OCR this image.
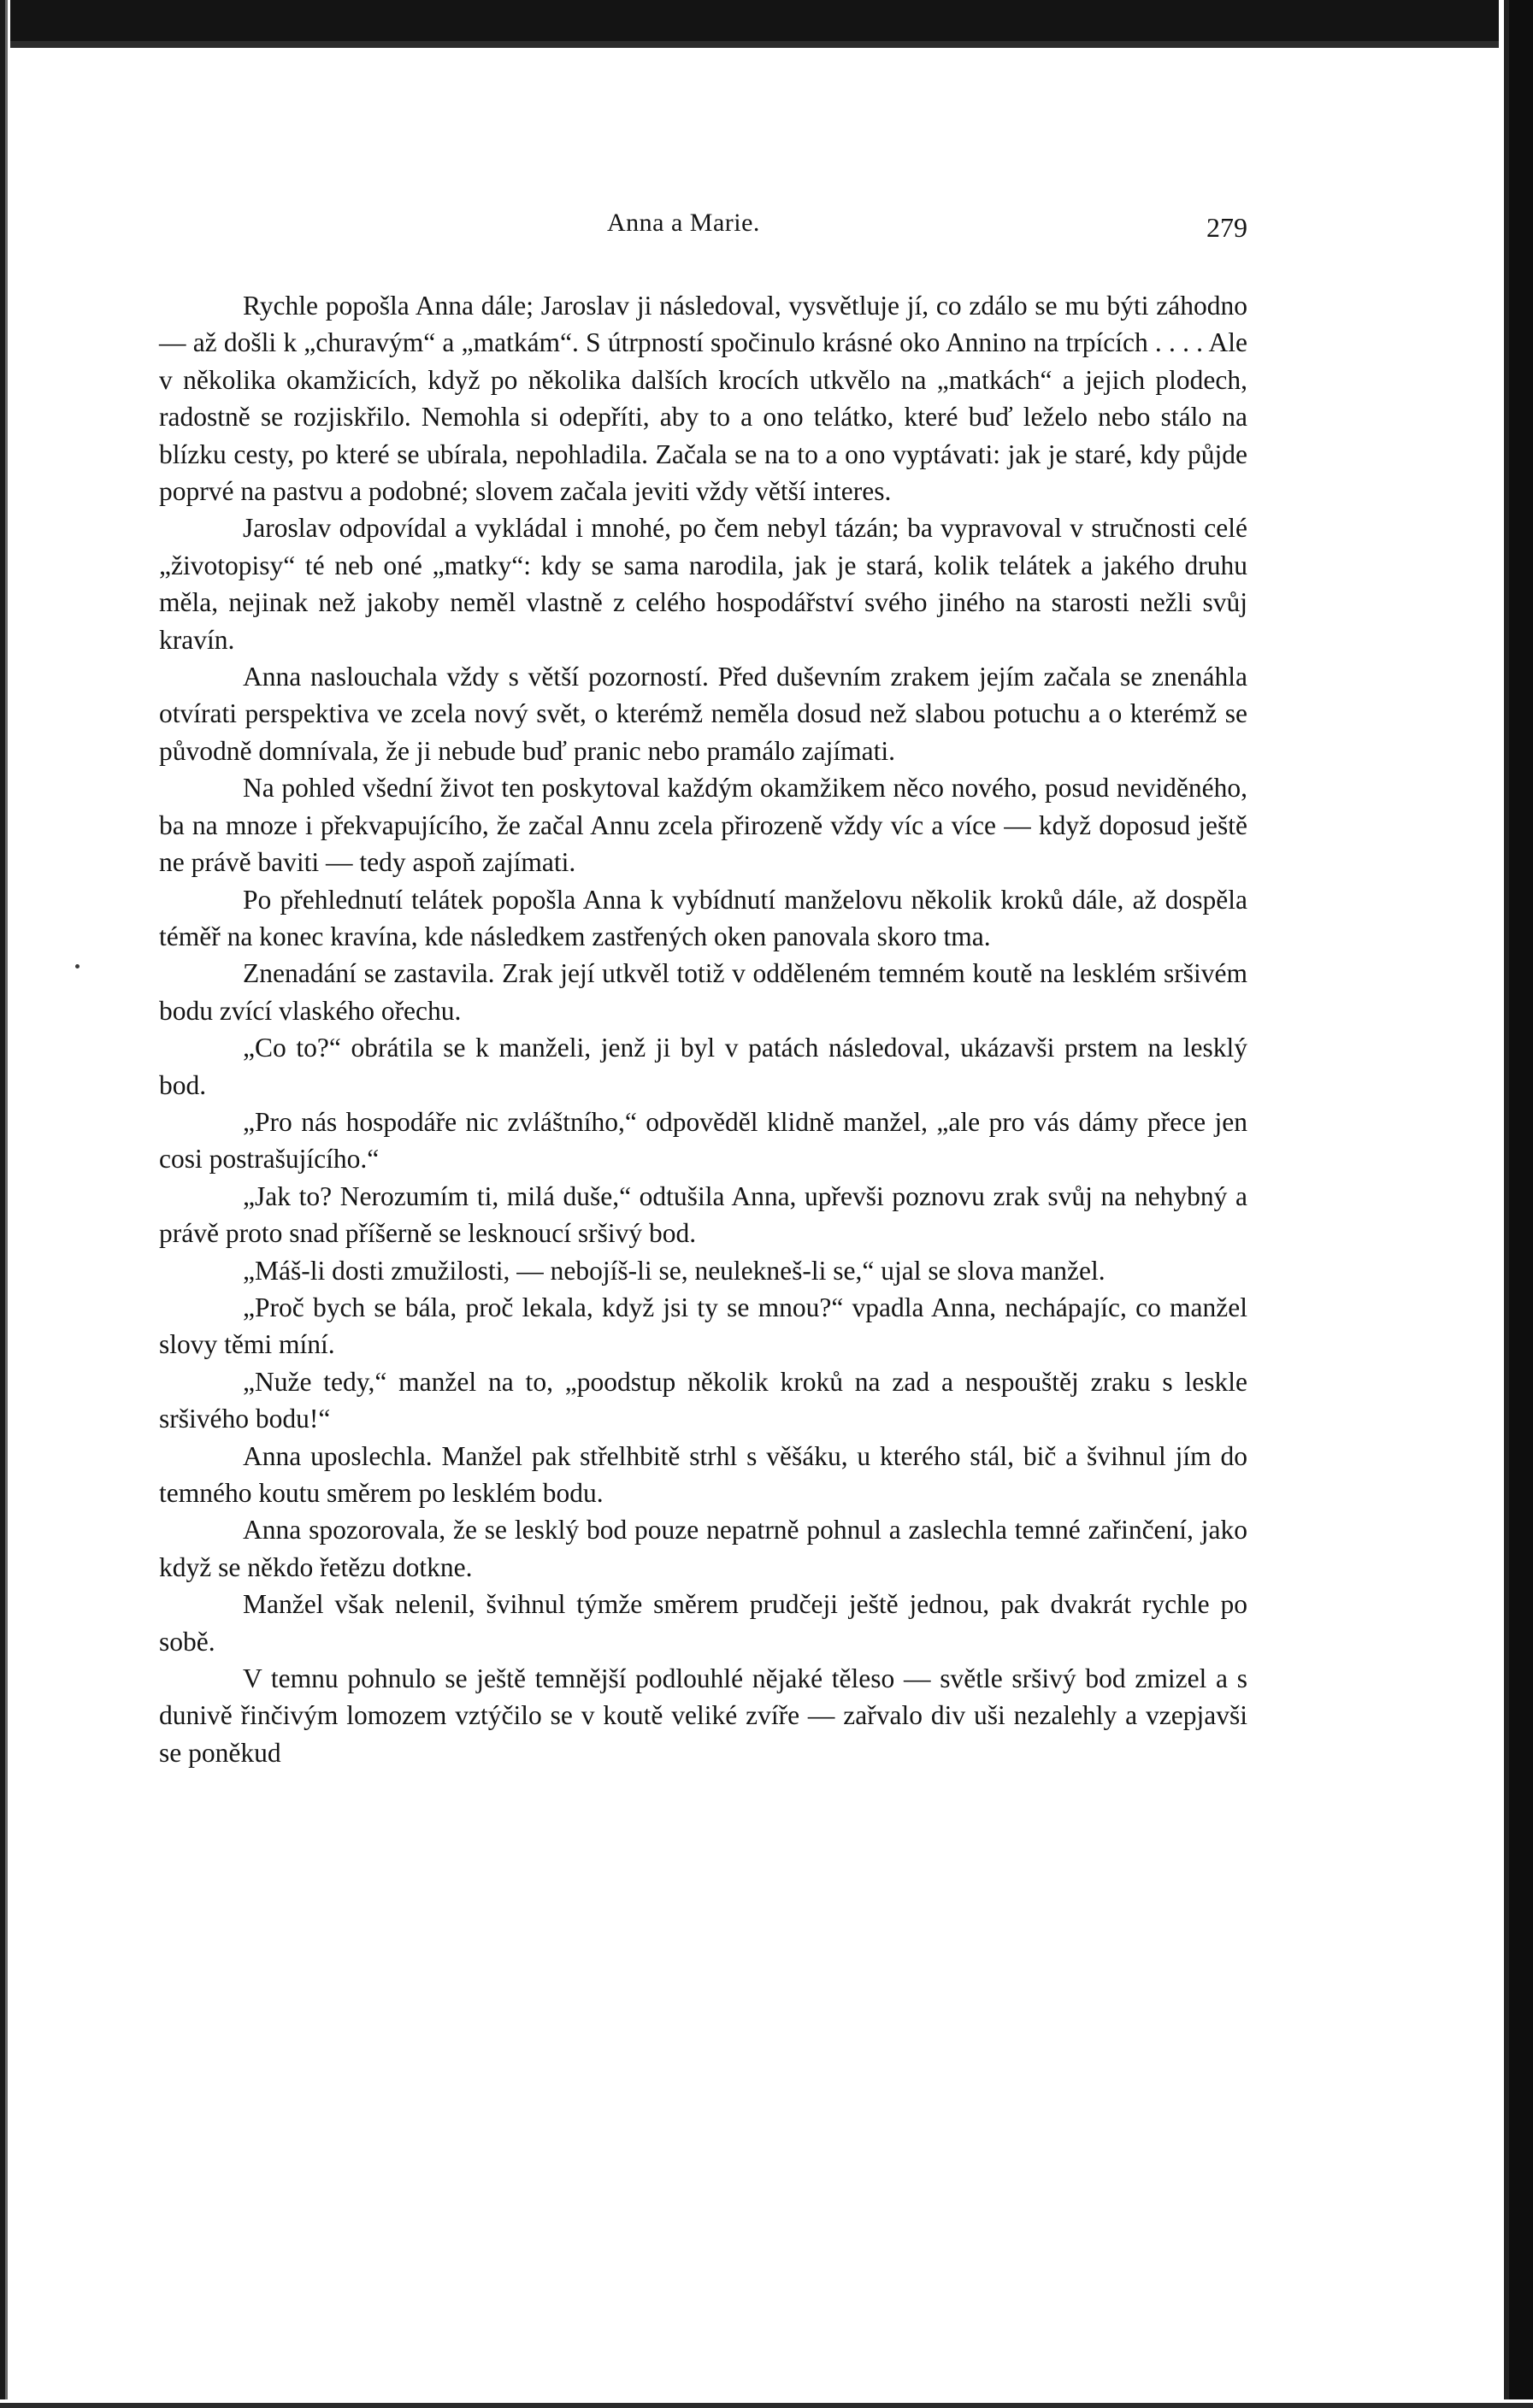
Anna a Marie.	279

Rychle popošla Anna dále; Jaroslav ji následoval, vysvětluje jí, co zdálo se mu býti záhodno — až došli k „churavým“ a „matkám“. S útrpností spočinulo krásné oko Annino na trpících . . . . Ale v několika okamžicích, když po několika dalších krocích utkvělo na „matkách“ a jejich plodech, radostně se rozjiskřilo. Nemohla si odepříti, aby to a ono telátko, které buď leželo nebo stálo na blízku cesty, po které se ubírala, nepohladila. Začala se na to a ono vyptávati: jak je staré, kdy půjde poprvé na pastvu a podobné; slovem začala jeviti vždy větší interes.

Jaroslav odpovídal a vykládal i mnohé, po čem nebyl tázán; ba vypravoval v stručnosti celé „životopisy“ té neb oné „matky“: kdy se sama narodila, jak je stará, kolik telátek a jakého druhu měla, nejinak než jakoby neměl vlastně z celého hospodářství svého jiného na starosti nežli svůj kravín.

Anna naslouchala vždy s větší pozorností. Před duševním zrakem jejím začala se znenáhla otvírati perspektiva ve zcela nový svět, o kterémž neměla dosud než slabou potuchu a o kterémž se původně domnívala, že ji nebude buď pranic nebo pramálo zajímati.

Na pohled všední život ten poskytoval každým okamžikem něco nového, posud neviděného, ba na mnoze i překvapujícího, že začal Annu zcela přirozeně vždy víc a více — když doposud ještě ne právě baviti — tedy aspoň zajímati.

Po přehlednutí telátek popošla Anna k vybídnutí manželovu několik kroků dále, až dospěla téměř na konec kravína, kde následkem zastřených oken panovala skoro tma.

Znenadání se zastavila. Zrak její utkvěl totiž v odděleném temném koutě na lesklém sršivém bodu zvící vlaského ořechu.

„Co to?“ obrátila se k manželi, jenž ji byl v patách následoval, ukázavši prstem na lesklý bod.

„Pro nás hospodáře nic zvláštního,“ odpověděl klidně manžel, „ale pro vás dámy přece jen cosi postrašujícího.“

„Jak to? Nerozumím ti, milá duše,“ odtušila Anna, upřevši poznovu zrak svůj na nehybný a právě proto snad příšerně se lesknoucí sršivý bod.

„Máš-li dosti zmužilosti, — nebojíš-li se, neulekneš-li se,“ ujal se slova manžel.

„Proč bych se bála, proč lekala, když jsi ty se mnou?“ vpadla Anna, nechápajíc, co manžel slovy těmi míní.

„Nuže tedy,“ manžel na to, „poodstup několik kroků na zad a nespouštěj zraku s leskle sršivého bodu!“

Anna uposlechla. Manžel pak střelhbitě strhl s věšáku, u kterého stál, bič a švihnul jím do temného koutu směrem po lesklém bodu.

Anna spozorovala, že se lesklý bod pouze nepatrně pohnul a zaslechla temné zařinčení, jako když se někdo řetězu dotkne.

Manžel však nelenil, švihnul týmže směrem prudčeji ještě jednou, pak dvakrát rychle po sobě.

V temnu pohnulo se ještě temnější podlouhlé nějaké těleso — světle sršivý bod zmizel a s dunivě řinčivým lomozem vztýčilo se v koutě veliké zvíře — zařvalo div uši nezalehly a vzepjavši se poněkud
